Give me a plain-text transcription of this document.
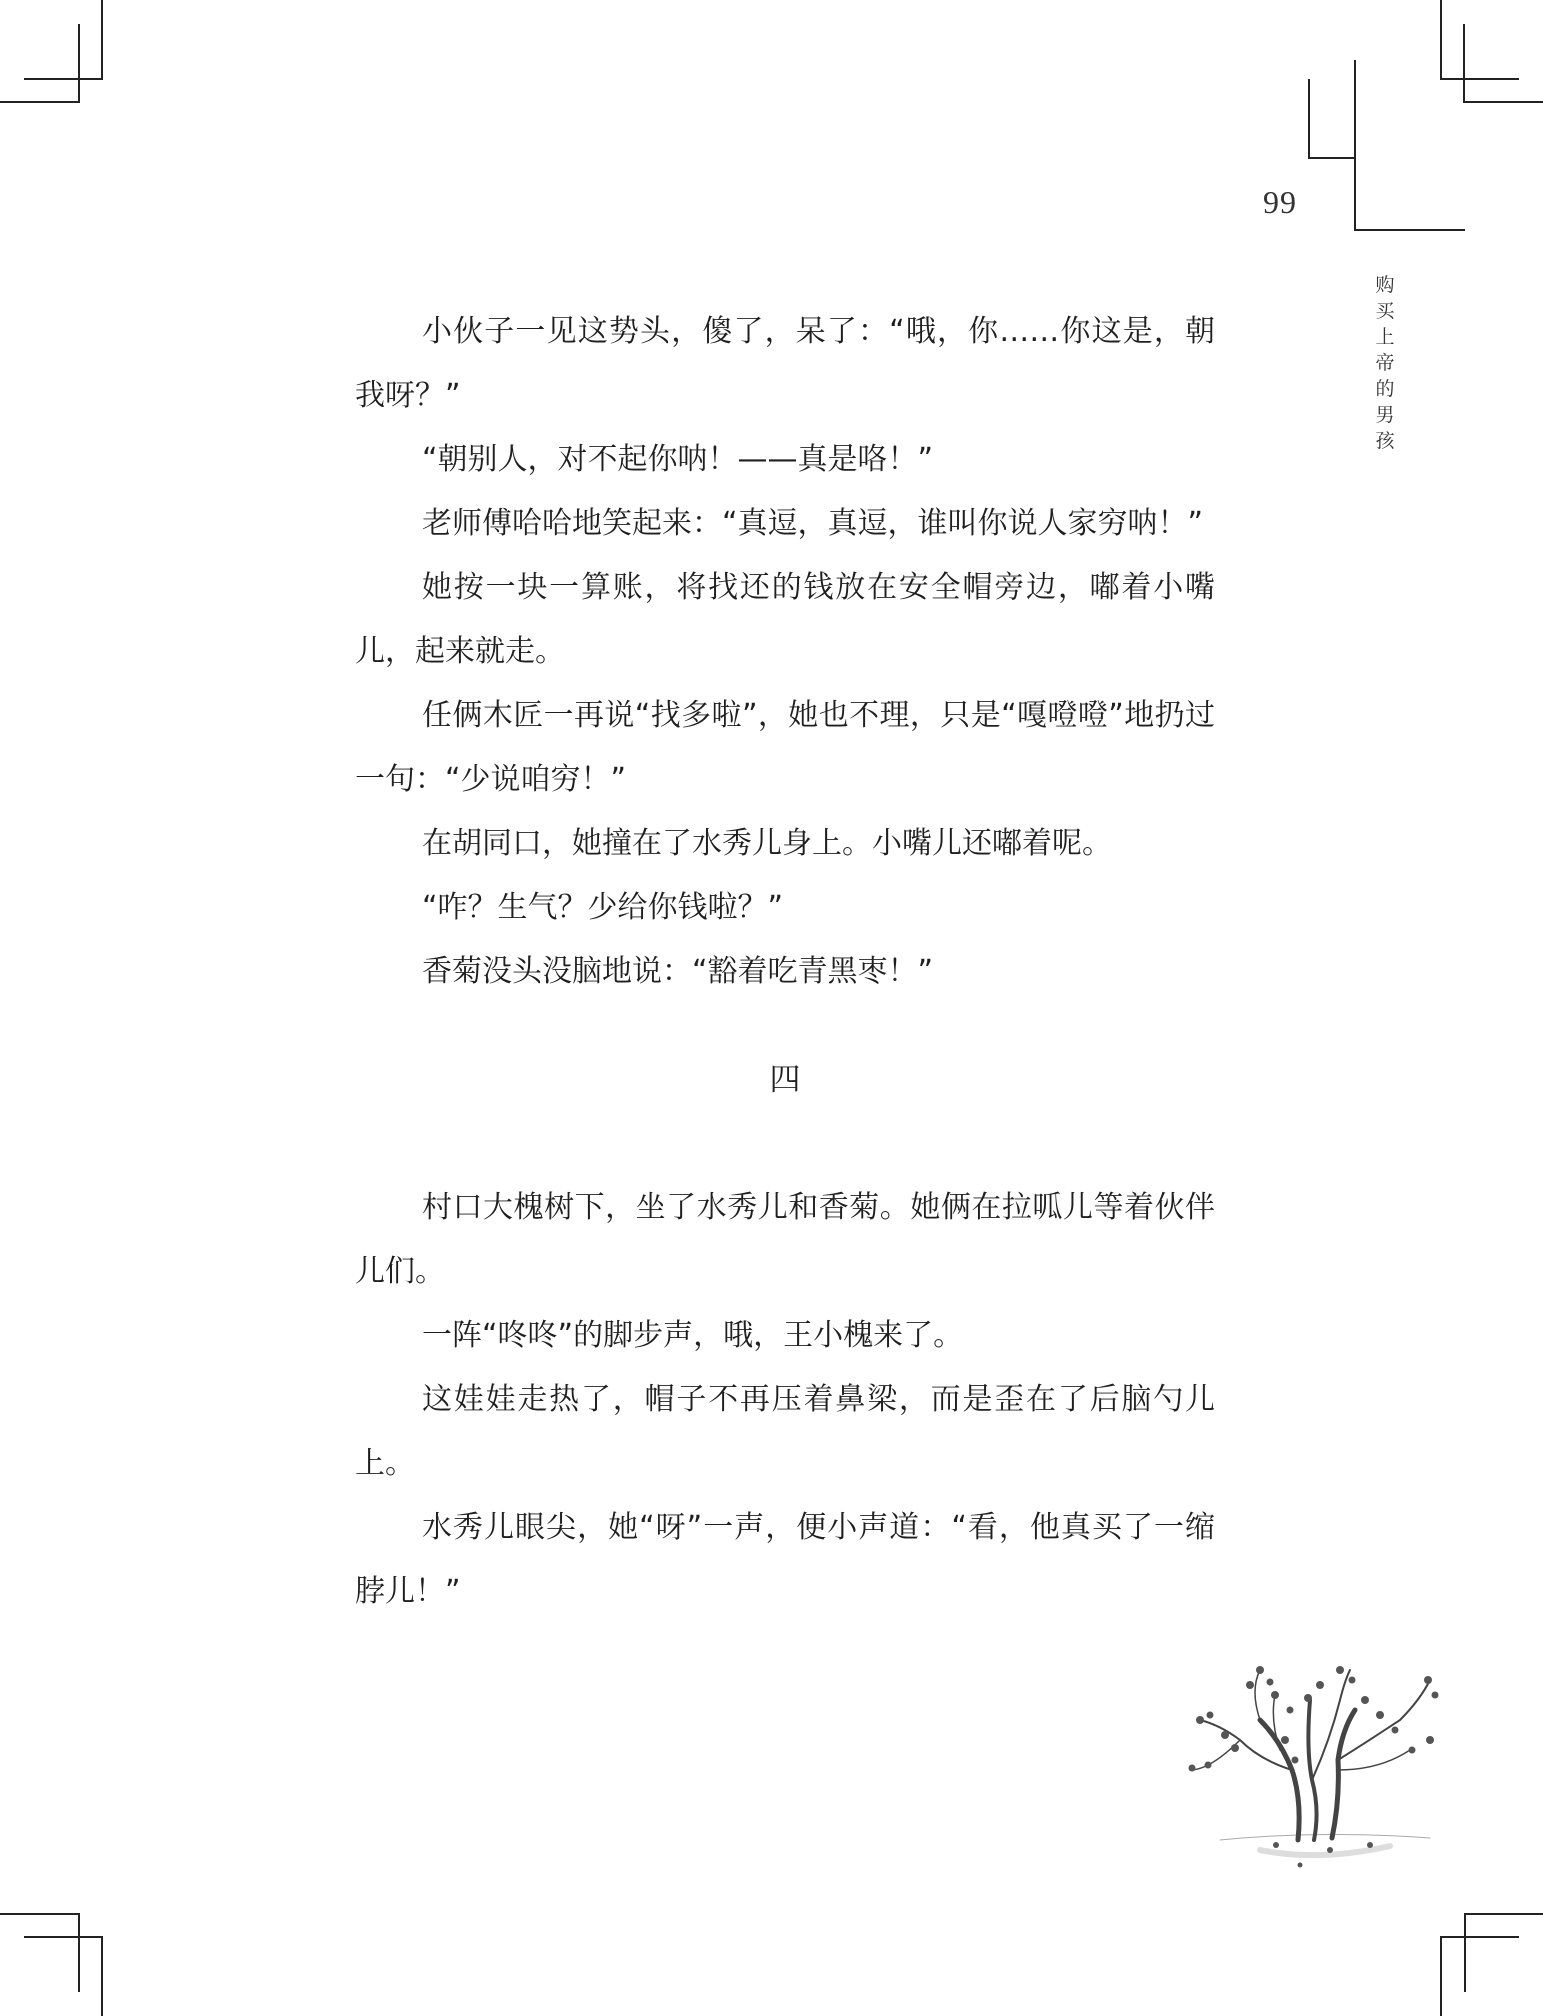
99
购
买
上
帝
的
男
孩

小伙子一见这势头，傻了，呆了：“哦，你……你这是，朝我呀？”

“朝别人，对不起你呐！——真是咯！”

老师傅哈哈地笑起来：“真逗，真逗，谁叫你说人家穷呐！”

她按一块一算账，将找还的钱放在安全帽旁边，嘟着小嘴儿，起来就走。

任俩木匠一再说“找多啦”，她也不理，只是“嘎噔噔”地扔过一句：“少说咱穷！”

在胡同口，她撞在了水秀儿身上。小嘴儿还嘟着呢。

“咋？生气？少给你钱啦？”

香菊没头没脑地说：“豁着吃青黑枣！”

四

村口大槐树下，坐了水秀儿和香菊。她俩在拉呱儿等着伙伴儿们。

一阵“咚咚”的脚步声，哦，王小槐来了。

这娃娃走热了，帽子不再压着鼻梁，而是歪在了后脑勺儿上。

水秀儿眼尖，她“呀”一声，便小声道：“看，他真买了一缩脖儿！”
